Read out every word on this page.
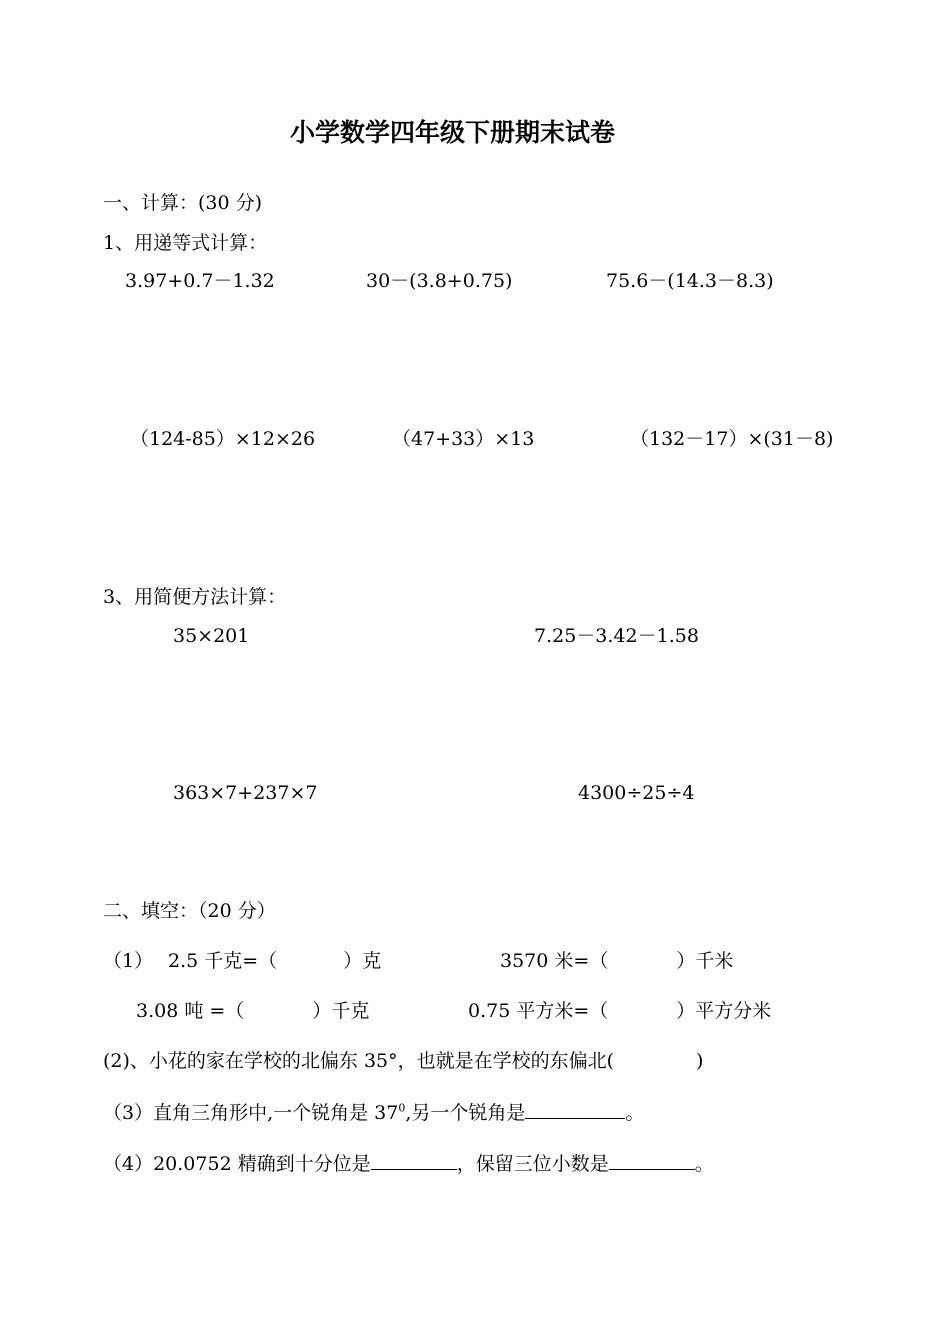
小学数学四年级下册期末试卷
一、计算：(30 分)
1、用递等式计算：
3.97+0.7－1.32	30－(3.8+0.75)	75.6－(14.3－8.3)
（124-85）×12×26	（47+33）×13	（132－17）×(31－8)
3、用简便方法计算：
35×201	7.25－3.42－1.58
363×7+237×7	4300÷25÷4
二、填空：（20 分）
（1） 2.5 千克=（	）克	3570 米=（	）千米
3.08 吨 =（	）千克	0.75 平方米=（	）平方分米
(2)、小花的家在学校的北偏东 35°，也就是在学校的东偏北(	)
（3）直角三角形中,一个锐角是 $37^0$,另一个锐角是	。
（4）20.0752 精确到十分位是	，保留三位小数是	。
